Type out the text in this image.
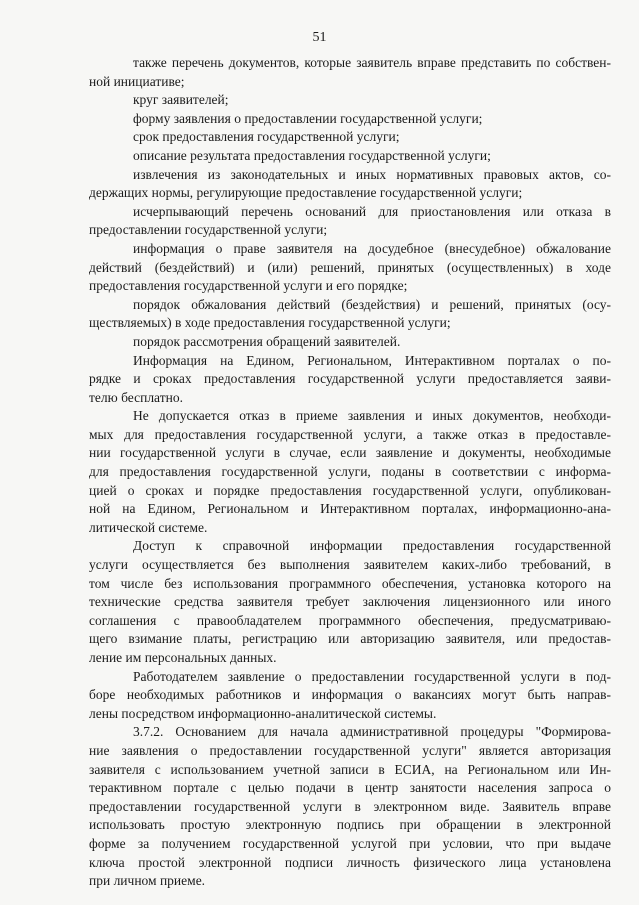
51
также перечень документов, которые заявитель вправе представить по собствен-
ной инициативе;
круг заявителей;
форму заявления о предоставлении государственной услуги;
срок предоставления государственной услуги;
описание результата предоставления государственной услуги;
извлечения из законодательных и иных нормативных правовых актов, со-
держащих нормы, регулирующие предоставление государственной услуги;
исчерпывающий перечень оснований для приостановления или отказа в
предоставлении государственной услуги;
информация о праве заявителя на досудебное (внесудебное) обжалование
действий (бездействий) и (или) решений, принятых (осуществленных) в ходе
предоставления государственной услуги и его порядке;
порядок обжалования действий (бездействия) и решений, принятых (осу-
ществляемых) в ходе предоставления государственной услуги;
порядок рассмотрения обращений заявителей.
Информация на Едином, Региональном, Интерактивном порталах о по-
рядке и сроках предоставления государственной услуги предоставляется заяви-
телю бесплатно.
Не допускается отказ в приеме заявления и иных документов, необходи-
мых для предоставления государственной услуги, а также отказ в предоставле-
нии государственной услуги в случае, если заявление и документы, необходимые
для предоставления государственной услуги, поданы в соответствии с информа-
цией о сроках и порядке предоставления государственной услуги, опубликован-
ной на Едином, Региональном и Интерактивном порталах, информационно-ана-
литической системе.
Доступ к справочной информации предоставления государственной
услуги осуществляется без выполнения заявителем каких-либо требований, в
том числе без использования программного обеспечения, установка которого на
технические средства заявителя требует заключения лицензионного или иного
соглашения с правообладателем программного обеспечения, предусматриваю-
щего взимание платы, регистрацию или авторизацию заявителя, или предостав-
ление им персональных данных.
Работодателем заявление о предоставлении государственной услуги в под-
боре необходимых работников и информация о вакансиях могут быть направ-
лены посредством информационно-аналитической системы.
3.7.2. Основанием для начала административной процедуры "Формирова-
ние заявления о предоставлении государственной услуги" является авторизация
заявителя с использованием учетной записи в ЕСИА, на Региональном или Ин-
терактивном портале с целью подачи в центр занятости населения запроса о
предоставлении государственной услуги в электронном виде. Заявитель вправе
использовать простую электронную подпись при обращении в электронной
форме за получением государственной услугой при условии, что при выдаче
ключа простой электронной подписи личность физического лица установлена
при личном приеме.
